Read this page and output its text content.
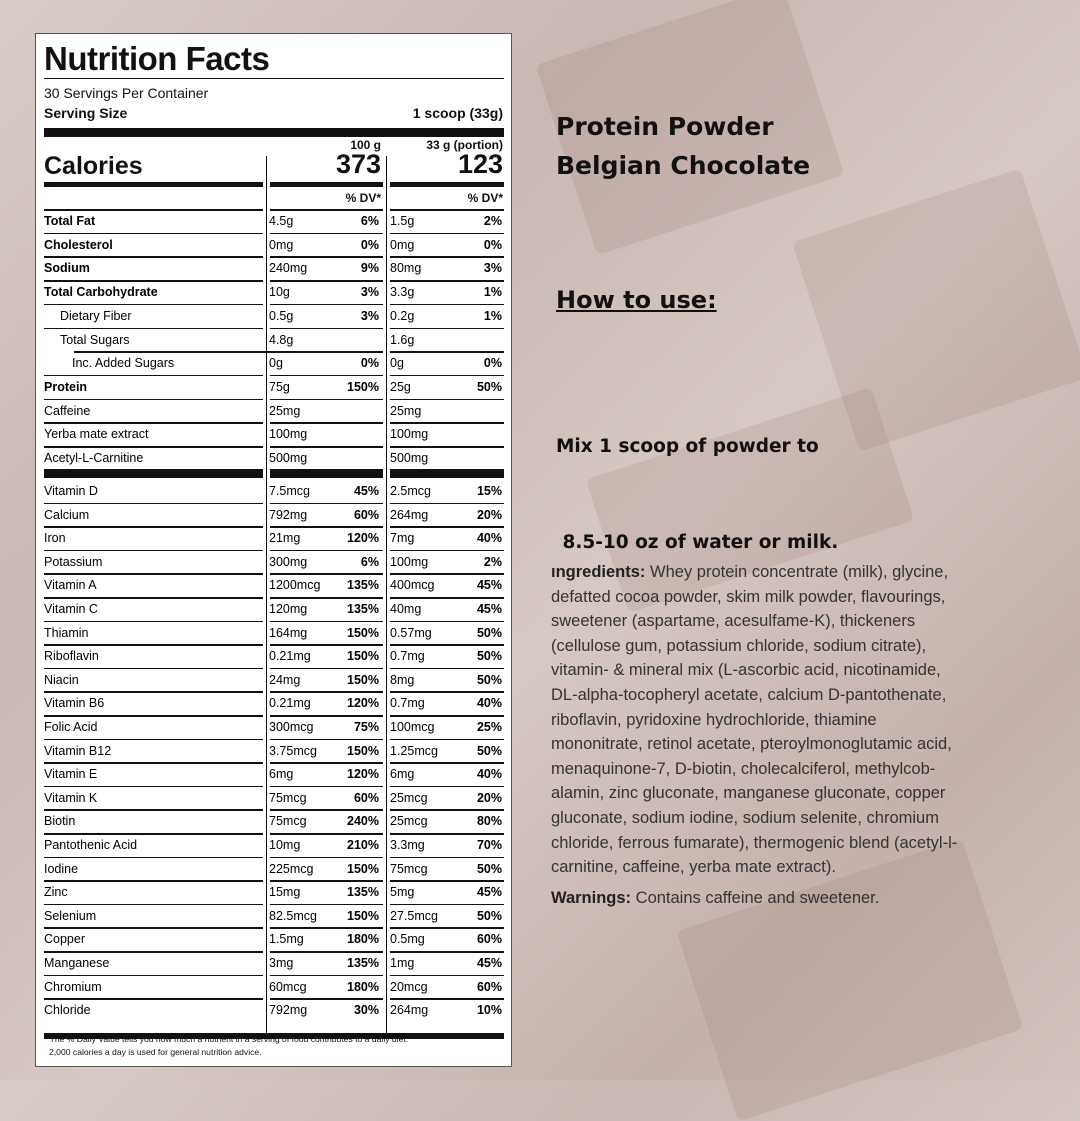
Nutrition Facts
30 Servings Per Container
Serving Size	1 scoop (33g)
100 g	33 g (portion)
Calories	373	123
% DV*	% DV*
Total Fat	4.5g	6% 1.5g	2%
Cholesterol	0mg	0% 0mg	0%
Sodium	240mg	9% 80mg	3%
Total Carbohydrate	10g	3% 3.3g	1%
Dietary Fiber	0.5g	3% 0.2g	1%
Total Sugars	4.8g	1.6g
Inc. Added Sugars	0g	0% 0g	0%
Protein	75g	150% 25g	50%
Caffeine	25mg	25mg
Yerba mate extract	100mg	100mg
Acetyl-L-Carnitine	500mg	500mg
Vitamin D	7.5mcg	45% 2.5mcg	15%
Calcium	792mg	60% 264mg	20%
Iron	21mg	120% 7mg	40%
Potassium	300mg	6% 100mg	2%
Vitamin A	1200mcg 135% 400mcg	45%
Vitamin C	120mg	135% 40mg	45%
Thiamin	164mg	150% 0.57mg	50%
Riboflavin	0.21mg	150% 0.7mg	50%
Niacin	24mg	150% 8mg	50%
Vitamin B6	0.21mg	120% 0.7mg	40%
Folic Acid	300mcg	75% 100mcg	25%
Vitamin B12	3.75mcg 150% 1.25mcg	50%
Vitamin E	6mg	120% 6mg	40%
Vitamin K	75mcg	60% 25mcg	20%
Biotin	75mcg	240% 25mcg	80%
Pantothenic Acid	10mg	210% 3.3mg	70%
Iodine	225mcg	150% 75mcg	50%
Zinc	15mg	135% 5mg	45%
Selenium	82.5mcg 150% 27.5mcg	50%
Copper	1.5mg	180% 0.5mg	60%
Manganese	3mg	135% 1mg	45%
Chromium	60mcg	180% 20mcg	60%
Chloride	792mg	30% 264mg	10%
* The % Daily Value tells you how much a nutrient in a serving of food contributes to a daily diet.
2,000 calories a day is used for general nutrition advice.
Protein Powder
Belgian Chocolate
How to use:

Mix 1 scoop of powder to

8.5-10 oz of water or milk.

ıngredients: Whey protein concentrate (milk), glycine,
defatted cocoa powder, skim milk powder, flavourings,
sweetener (aspartame, acesulfame-K), thickeners
(cellulose gum, potassium chloride, sodium citrate),
vitamin- & mineral mix (L-ascorbic acid, nicotinamide,
DL-alpha-tocopheryl acetate, calcium D-pantothenate,
riboflavin, pyridoxine hydrochloride, thiamine
mononitrate, retinol acetate, pteroylmonoglutamic acid,
menaquinone-7, D-biotin, cholecalciferol, methylcob-
alamin, zinc gluconate, manganese gluconate, copper
gluconate, sodium iodine, sodium selenite, chromium
chloride, ferrous fumarate), thermogenic blend (acetyl-l-
carnitine, caffeine, yerba mate extract).
Warnings: Contains caffeine and sweetener.
